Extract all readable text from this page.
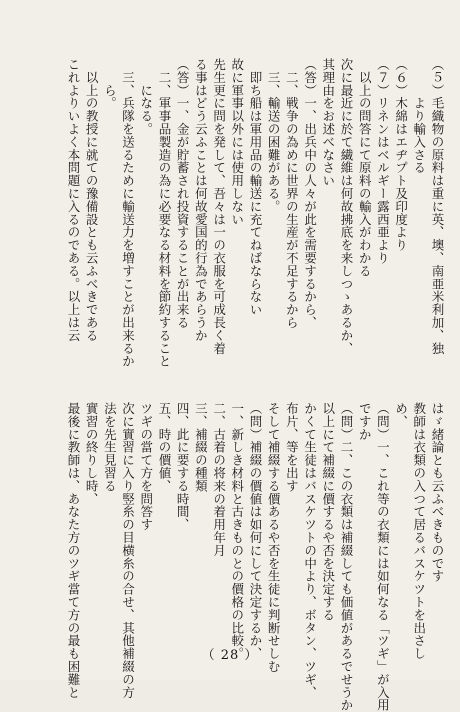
（５）毛織物の原料は重に英、墺、南亜米利加、独
　　　より輸入さる
（６）木綿はエヂプト及印度より
（７）リネンはベルギー露西亜より
　以上の問答にて原料の輸入がわかる
次に最近に於て繊維は何故拂底を来しつゝあるか、
其理由をお述べなさい
（答）一、出兵中の人々が此を需要するから、
　二、戦争の為めに世界の生産が不足するから
　三、輸送の困難がある。
　即ち船は軍用品の輸送に充てねばならない
故に軍事以外には使用しない
先生更に問を発して、吾々は一の衣服を可成長く着
る事はどう云ふことは何故愛国的行為であらうか
（答）一、金が貯蓄され投資することが出来る
　二、軍事品製造の為に必要なる材料を節約すること
　　になる。
　三、兵隊を送るために輸送力を増すことが出来るか
　　ら。
　以上の教授に就ての豫備設とも云ふべきである
これよりいよく本問題に入るのである。以上は云
はゞ緒論とも云ふべきものです
教師は衣類の入つて居るバスケツトを出さし
め、
（問）一、これ等の衣類には如何なる「ツギ」が入用
ですか
（問）二、この衣類は補綴しても価値があるでせうか
以上にて補綴に價するや否を決定する
かくて生徒はバスケツトの中より、ボタン、ツギ、
布片、等を出す
そして補綴する價あるや否を生徒に判断せしむ
（問）補綴の價値は如何にして決定するか、
一、新しき材料と古きものとの價格の比較。
二、古着の将来の着用年月
三、補綴の種類
四、此に要する時間、
五、時の價値、
ツギの當て方を問答す
次に實習に入り竪糸の目横糸の合せ、其他補綴の方
法を先生見習る
實習の終りし時、
最後に教師は、あなた方のツギ當て方の最も困難と	（ 28 ）
